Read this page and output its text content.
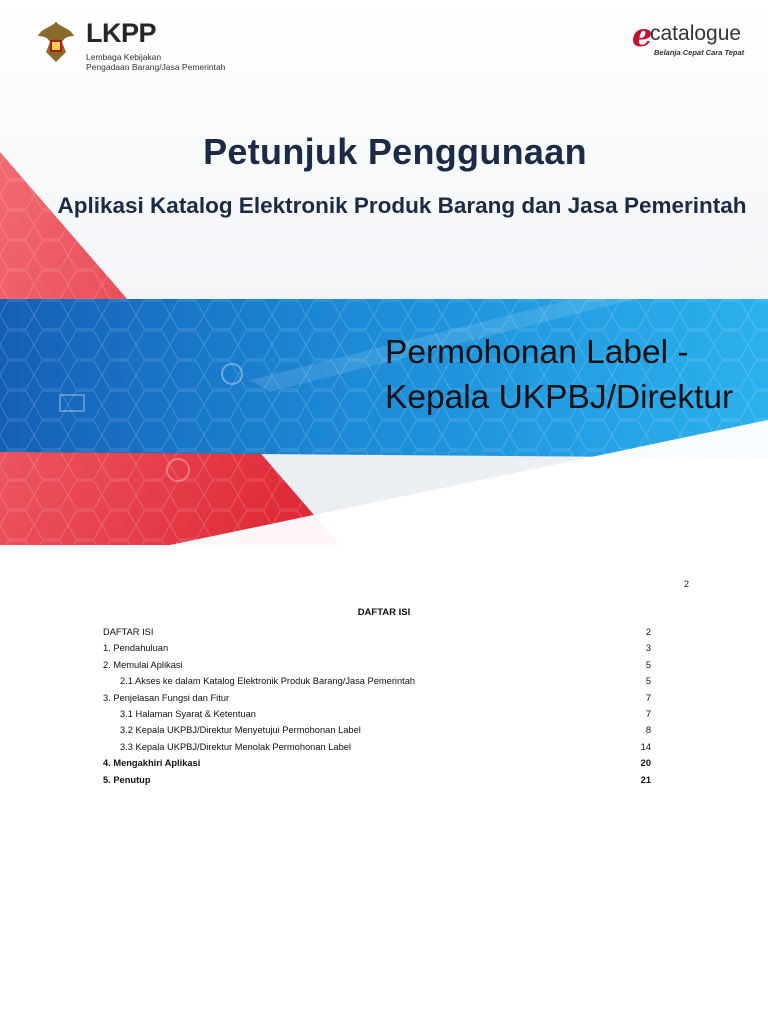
LKPP
Lembaga Kebijakan
Pengadaan Barang/Jasa Pemerintah
e
catalogue
Belanja Cepat Cara Tepat
Petunjuk Penggunaan
Aplikasi Katalog Elektronik Produk Barang dan Jasa Pemerintah
Permohonan Label -
Kepala UKPBJ/Direktur
2
DAFTAR ISI
DAFTAR ISI	2
1. Pendahuluan	3
2. Memulai Aplikasi	5
2.1 Akses ke dalam Katalog Elektronik Produk Barang/Jasa Pemerintah	5
3. Penjelasan Fungsi dan Fitur	7
3.1 Halaman Syarat & Ketentuan	7
3.2 Kepala UKPBJ/Direktur Menyetujui Permohonan Label	8
3.3 Kepala UKPBJ/Direktur Menolak Permohonan Label	14
4. Mengakhiri Aplikasi	20
5. Penutup	21
